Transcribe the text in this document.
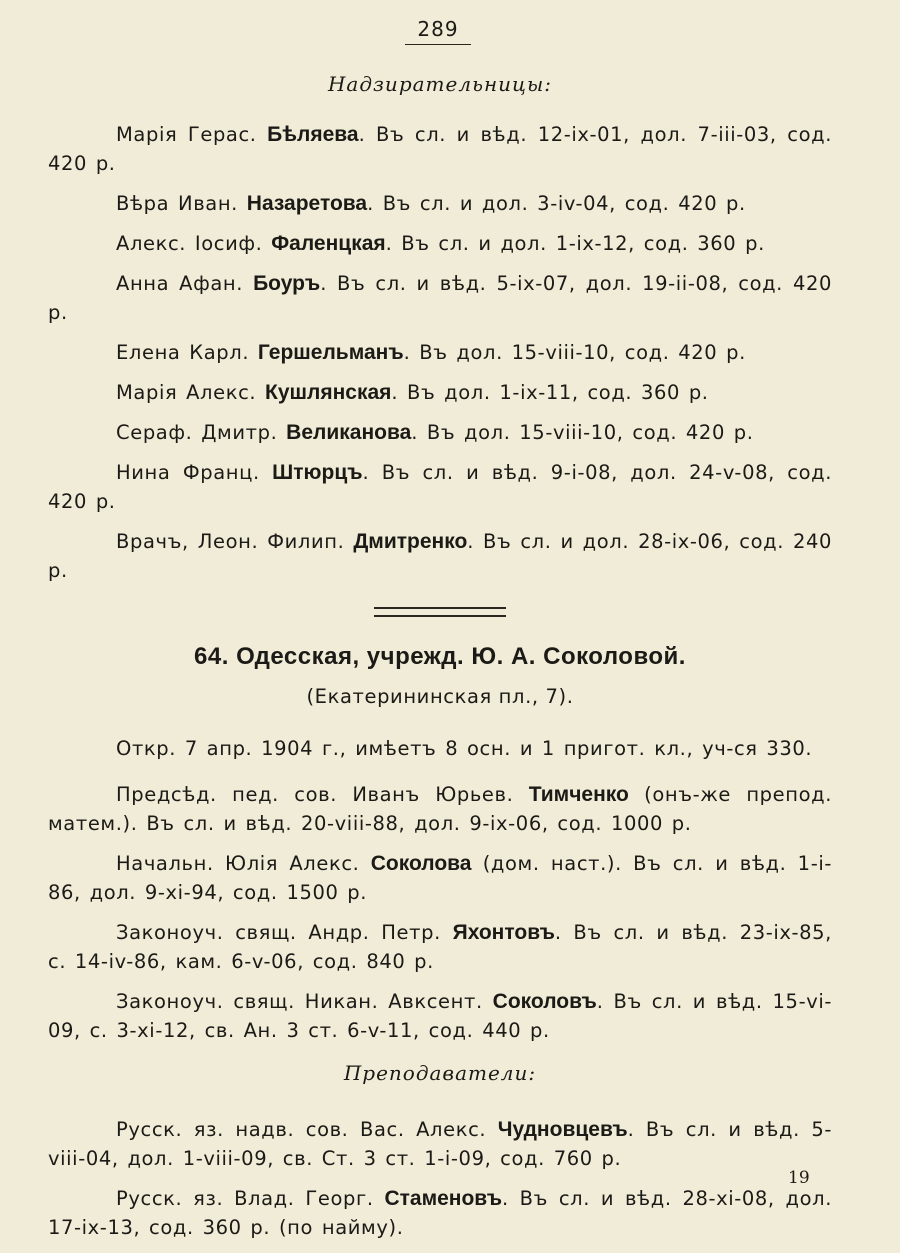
289
Надзирательницы:

Марія Герас. Бѣляева. Въ сл. и вѣд. 12-ix-01, дол. 7-iii-03, сод. 420 р.

Вѣра Иван. Назаретова. Въ сл. и дол. 3-iv-04, сод. 420 р.

Алекс. Іосиф. Фаленцкая. Въ сл. и дол. 1-ix-12, сод. 360 р.

Анна Афан. Боуръ. Въ сл. и вѣд. 5-ix-07, дол. 19-ii-08, сод. 420 р.

Елена Карл. Гершельманъ. Въ дол. 15-viii-10, сод. 420 р.

Марія Алекс. Кушлянская. Въ дол. 1-ix-11, сод. 360 р.

Сераф. Дмитр. Великанова. Въ дол. 15-viii-10, сод. 420 р.

Нина Франц. Штюрцъ. Въ сл. и вѣд. 9-i-08, дол. 24-v-08, сод. 420 р.

Врачъ, Леон. Филип. Дмитренко. Въ сл. и дол. 28-ix-06, сод. 240 р.

64. Одесская, учрежд. Ю. А. Соколовой.
(Екатерининская пл., 7).

Откр. 7 апр. 1904 г., имѣетъ 8 осн. и 1 пригот. кл., уч-ся 330.

Предсѣд. пед. сов. Иванъ Юрьев. Тимченко (онъ-же препод. матем.). Въ сл. и вѣд. 20-viii-88, дол. 9-ix-06, сод. 1000 р.

Начальн. Юлія Алекс. Соколова (дом. наст.). Въ сл. и вѣд. 1-i-86, дол. 9-xi-94, сод. 1500 р.

Законоуч. свящ. Андр. Петр. Яхонтовъ. Въ сл. и вѣд. 23-ix-85, с. 14-iv-86, кам. 6-v-06, сод. 840 р.

Законоуч. свящ. Никан. Авксент. Соколовъ. Въ сл. и вѣд. 15-vi-09, с. 3-xi-12, св. Ан. 3 ст. 6-v-11, сод. 440 р.

Преподаватели:

Русск. яз. надв. сов. Вас. Алекс. Чудновцевъ. Въ сл. и вѣд. 5-viii-04, дол. 1-viii-09, св. Ст. 3 ст. 1-i-09, сод. 760 р.

Русск. яз. Влад. Георг. Стаменовъ. Въ сл. и вѣд. 28-xi-08, дол. 17-ix-13, сод. 360 р. (по найму).

19
